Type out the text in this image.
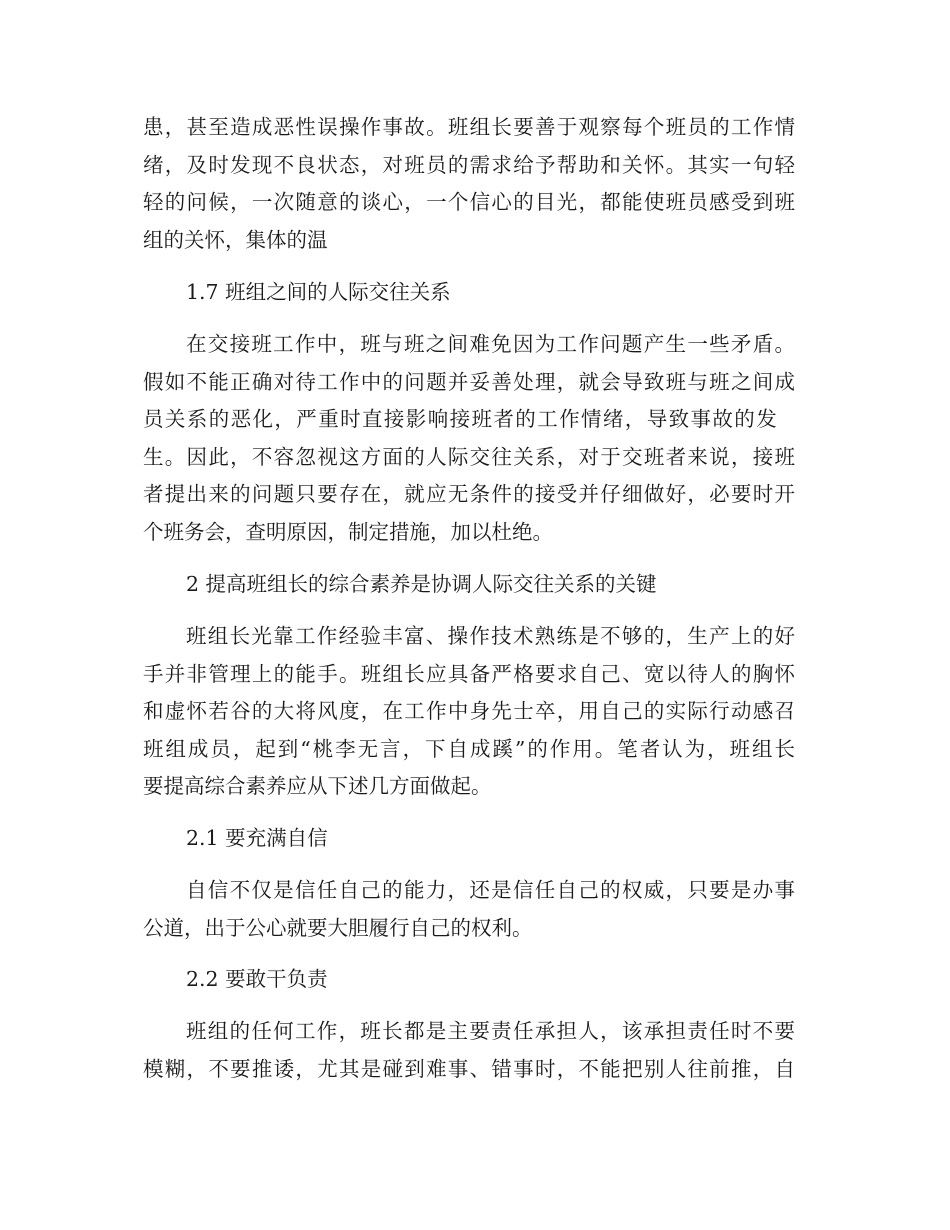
患，甚至造成恶性误操作事故。班组长要善于观察每个班员的工作情
绪，及时发现不良状态，对班员的需求给予帮助和关怀。其实一句轻
轻的问候，一次随意的谈心，一个信心的目光，都能使班员感受到班
组的关怀，集体的温
1.7 班组之间的人际交往关系
在交接班工作中，班与班之间难免因为工作问题产生一些矛盾。
假如不能正确对待工作中的问题并妥善处理，就会导致班与班之间成
员关系的恶化，严重时直接影响接班者的工作情绪，导致事故的发
生。因此，不容忽视这方面的人际交往关系，对于交班者来说，接班
者提出来的问题只要存在，就应无条件的接受并仔细做好，必要时开
个班务会，查明原因，制定措施，加以杜绝。
2 提高班组长的综合素养是协调人际交往关系的关键
班组长光靠工作经验丰富、操作技术熟练是不够的，生产上的好
手并非管理上的能手。班组长应具备严格要求自己、宽以待人的胸怀
和虚怀若谷的大将风度，在工作中身先士卒，用自己的实际行动感召
班组成员，起到“桃李无言，下自成蹊”的作用。笔者认为，班组长
要提高综合素养应从下述几方面做起。
2.1 要充满自信
自信不仅是信任自己的能力，还是信任自己的权威，只要是办事
公道，出于公心就要大胆履行自己的权利。
2.2 要敢干负责
班组的任何工作，班长都是主要责任承担人，该承担责任时不要
模糊，不要推诿，尤其是碰到难事、错事时，不能把别人往前推，自
